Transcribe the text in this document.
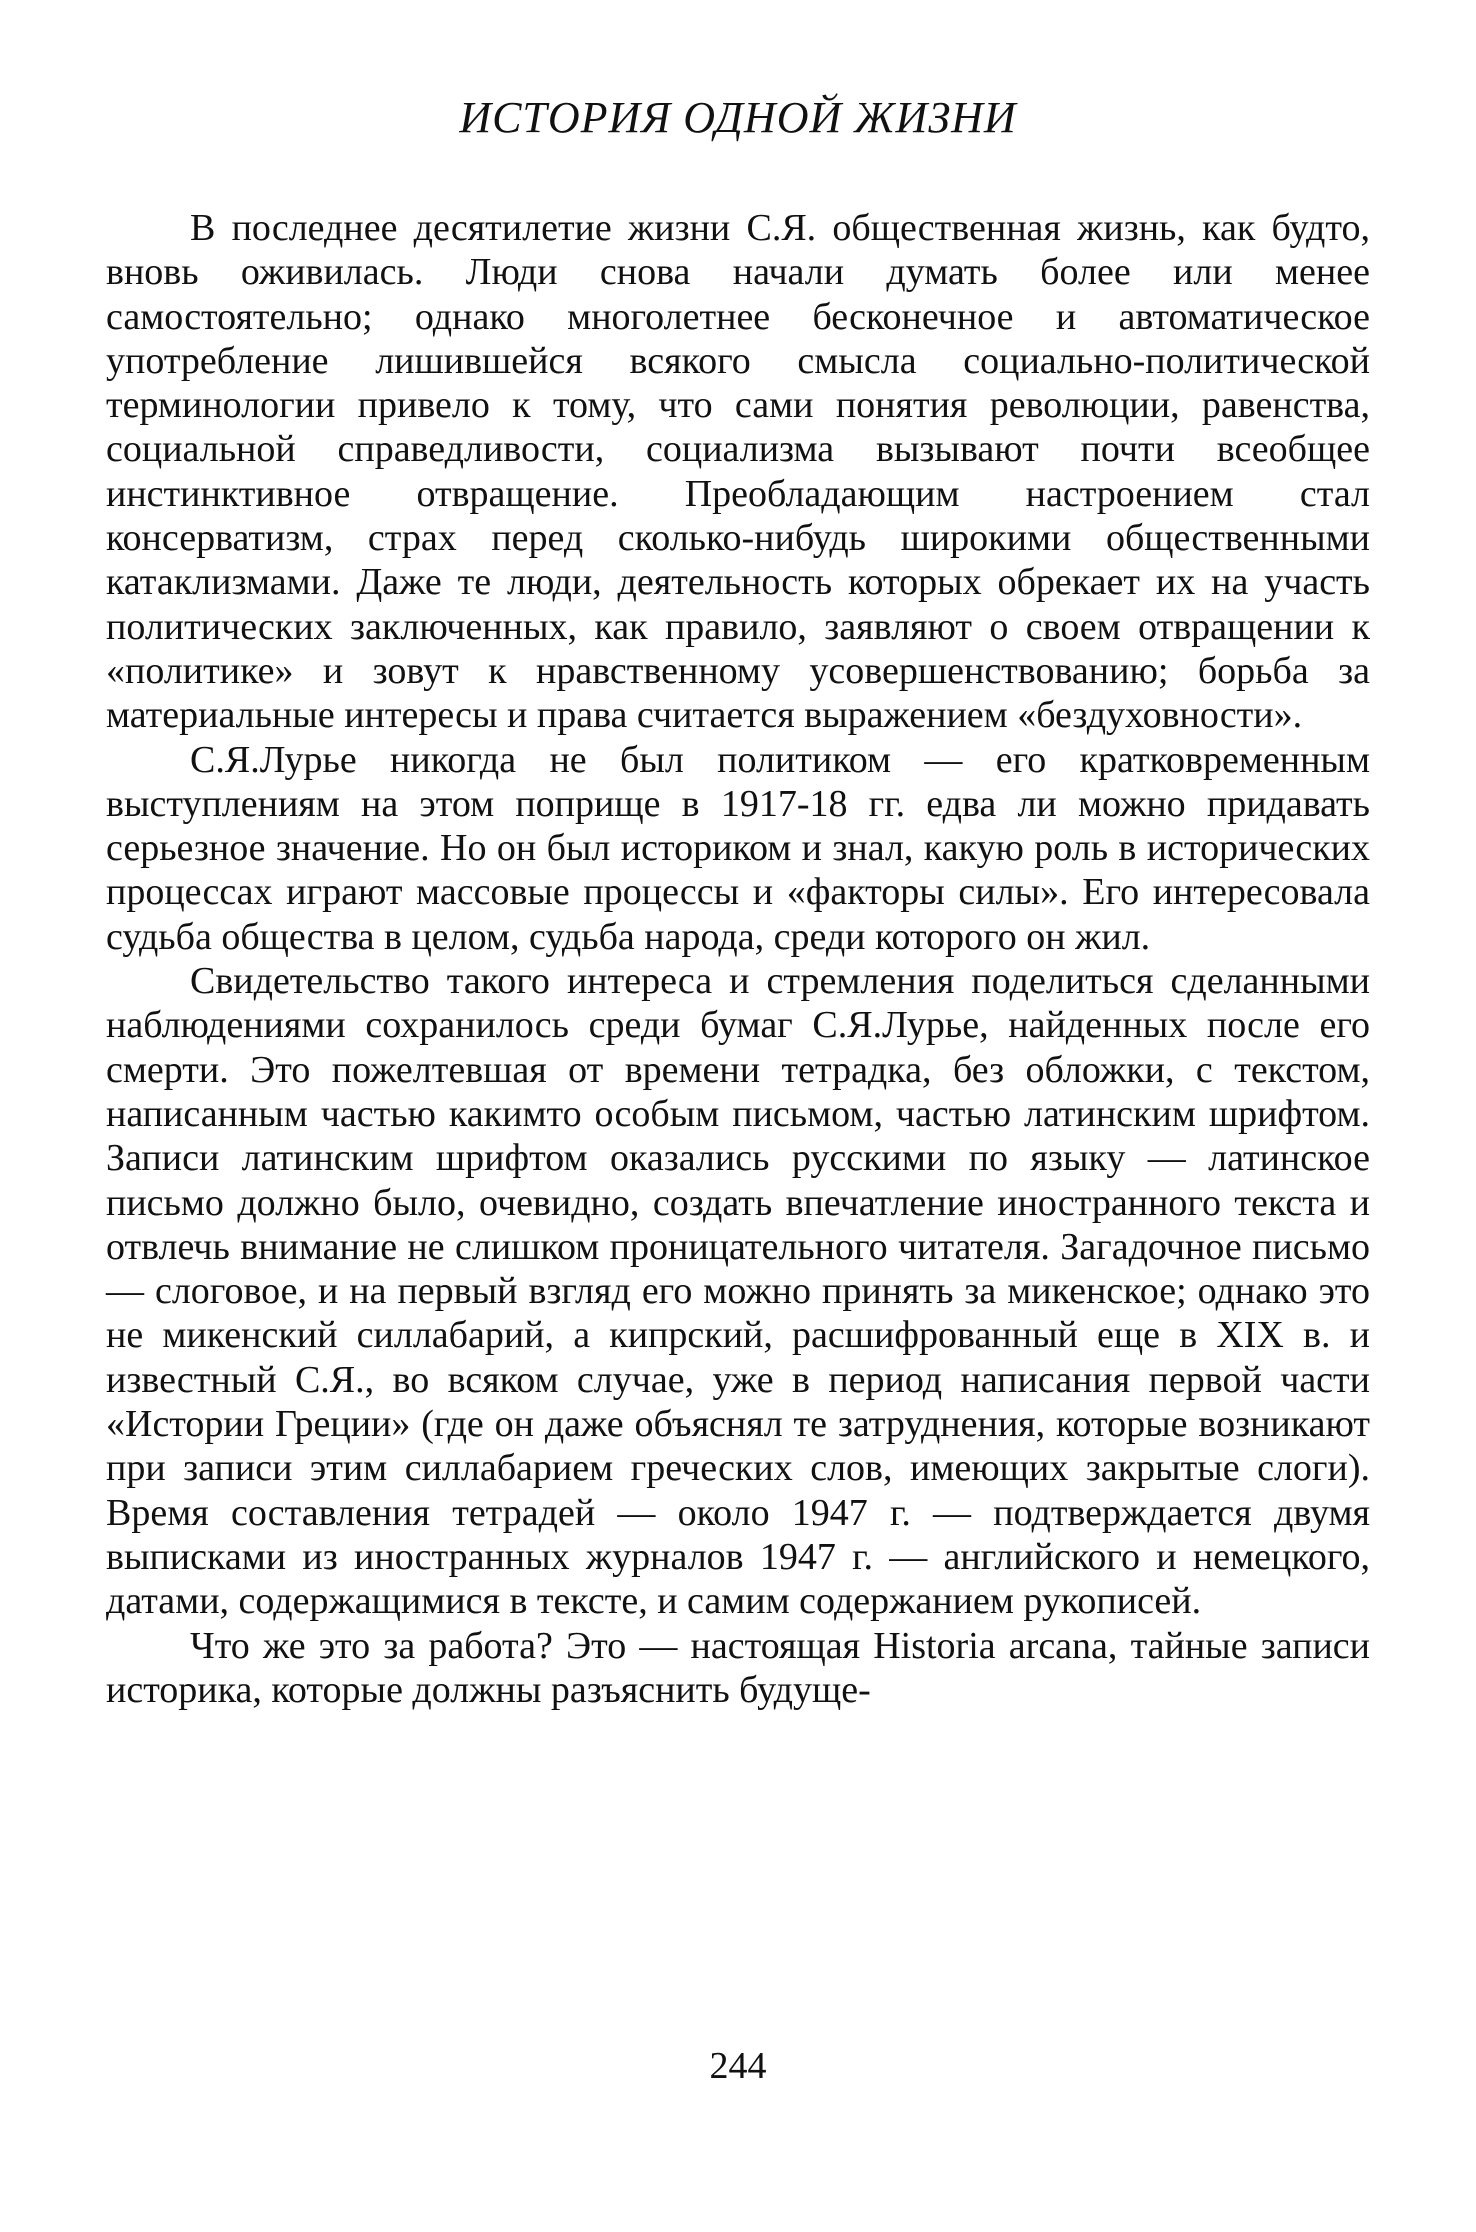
ИСТОРИЯ ОДНОЙ ЖИЗНИ

В последнее десятилетие жизни С.Я. общественная жизнь, как будто, вновь оживилась. Люди снова начали думать более или менее самостоятельно; однако многолетнее бесконечное и автоматическое употребление лишившейся всякого смысла социально-политической терминологии привело к тому, что сами понятия революции, равенства, социальной справедливости, социализма вызывают почти всеобщее инстинктивное отвращение. Преобладающим настроением стал консерватизм, страх перед сколько-нибудь широкими общественными катаклизмами. Даже те люди, деятельность которых обрекает их на участь политических заключенных, как правило, заявляют о своем отвращении к «политике» и зовут к нравственному усовершенствованию; борьба за материальные интересы и права считается выражением «бездуховности».

С.Я.Лурье никогда не был политиком — его кратковременным выступлениям на этом поприще в 1917-18 гг. едва ли можно придавать серьезное значение. Но он был историком и знал, какую роль в исторических процессах играют массовые процессы и «факторы силы». Его интересовала судьба общества в целом, судьба народа, среди которого он жил.

Свидетельство такого интереса и стремления поделиться сделанными наблюдениями сохранилось среди бумаг С.Я.Лурье, найденных после его смерти. Это пожелтевшая от времени тетрадка, без обложки, с текстом, написанным частью какимто особым письмом, частью латинским шрифтом. Записи латинским шрифтом оказались русскими по языку — латинское письмо должно было, очевидно, создать впечатление иностранного текста и отвлечь внимание не слишком проницательного читателя. Загадочное письмо — слоговое, и на первый взгляд его можно принять за микенское; однако это не микенский силлабарий, а кипрский, расшифрованный еще в XIX в. и известный С.Я., во всяком случае, уже в период написания первой части «Истории Греции» (где он даже объяснял те затруднения, которые возникают при записи этим силлабарием греческих слов, имеющих закрытые слоги). Время составления тетрадей — около 1947 г. — подтверждается двумя выписками из иностранных журналов 1947 г. — английского и немецкого, датами, содержащимися в тексте, и самим содержанием рукописей.

Что же это за работа? Это — настоящая Historia arcana, тайные записи историка, которые должны разъяснить будуще-

244
